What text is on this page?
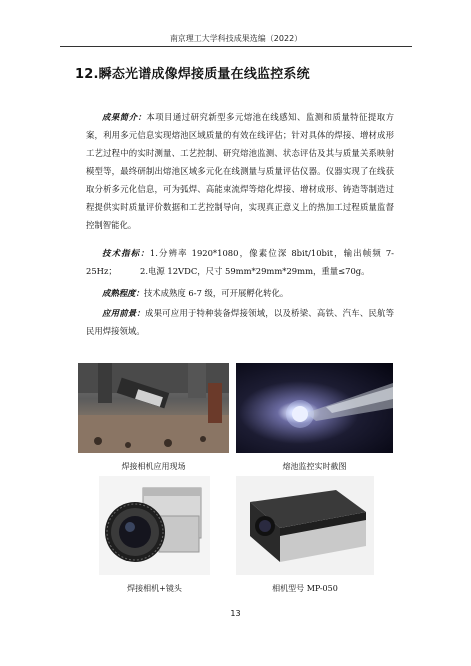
南京理工大学科技成果选编（2022）
12.瞬态光谱成像焊接质量在线监控系统
成果简介：本项目通过研究新型多元熔池在线感知、监测和质量特征提取方案，利用多元信息实现熔池区域质量的有效在线评估；针对具体的焊接、增材成形工艺过程中的实时测量、工艺控制、研究熔池监测、状态评估及其与质量关系映射模型等，最终研制出熔池区域多元化在线测量与质量评估仪器。仪器实现了在线获取分析多元化信息，可为弧焊、高能束流焊等熔化焊接、增材成形、铸造等制造过程提供实时质量评价数据和工艺控制导向，实现真正意义上的热加工过程质量监督控制智能化。
技术指标：1.分辨率 1920*1080，像素位深 8bit/10bit，输出帧频 7-25Hz；	2.电源 12VDC，尺寸 59mm*29mm*29mm，重量≤70g。
成熟程度：技术成熟度 6-7 级，可开展孵化转化。
应用前景：成果可应用于特种装备焊接领域，以及桥梁、高铁、汽车、民航等民用焊接领域。
焊接相机应用现场	熔池监控实时截图
焊接相机+镜头	相机型号 MP-050
13
